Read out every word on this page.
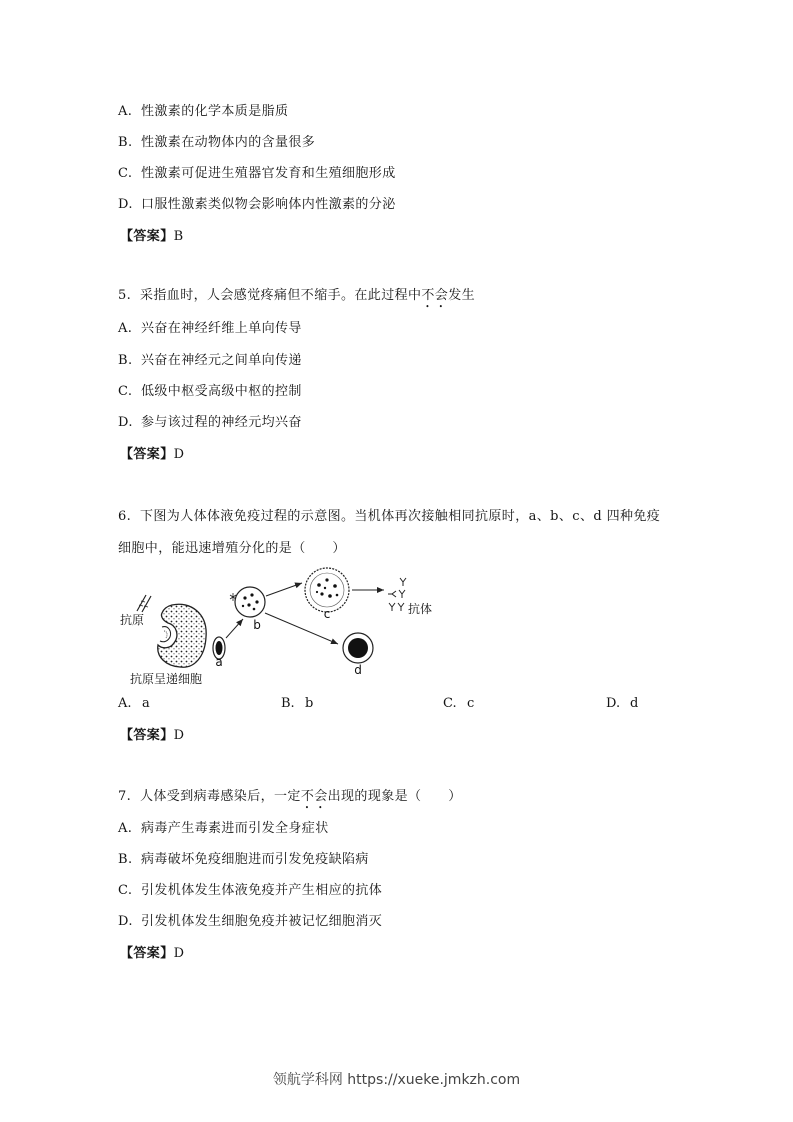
A. 性激素的化学本质是脂质
B. 性激素在动物体内的含量很多
C. 性激素可促进生殖器官发育和生殖细胞形成
D. 口服性激素类似物会影响体内性激素的分泌
【答案】B
5. 采指血时，人会感觉疼痛但不缩手。在此过程中不会发生
A. 兴奋在神经纤维上单向传导
B. 兴奋在神经元之间单向传递
C. 低级中枢受高级中枢的控制
D. 参与该过程的神经元均兴奋
【答案】D
6. 下图为人体体液免疫过程的示意图。当机体再次接触相同抗原时，a、b、c、d 四种免疫
细胞中，能迅速增殖分化的是（　　）
抗原
抗原呈递细胞
a
b
c	抗体
d
A. a	B. b	C. c	D. d
【答案】D
7. 人体受到病毒感染后，一定不会出现的现象是（　　）
A. 病毒产生毒素进而引发全身症状
B. 病毒破坏免疫细胞进而引发免疫缺陷病
C. 引发机体发生体液免疫并产生相应的抗体
D. 引发机体发生细胞免疫并被记忆细胞消灭
【答案】D
领航学科网 https://xueke.jmkzh.com
